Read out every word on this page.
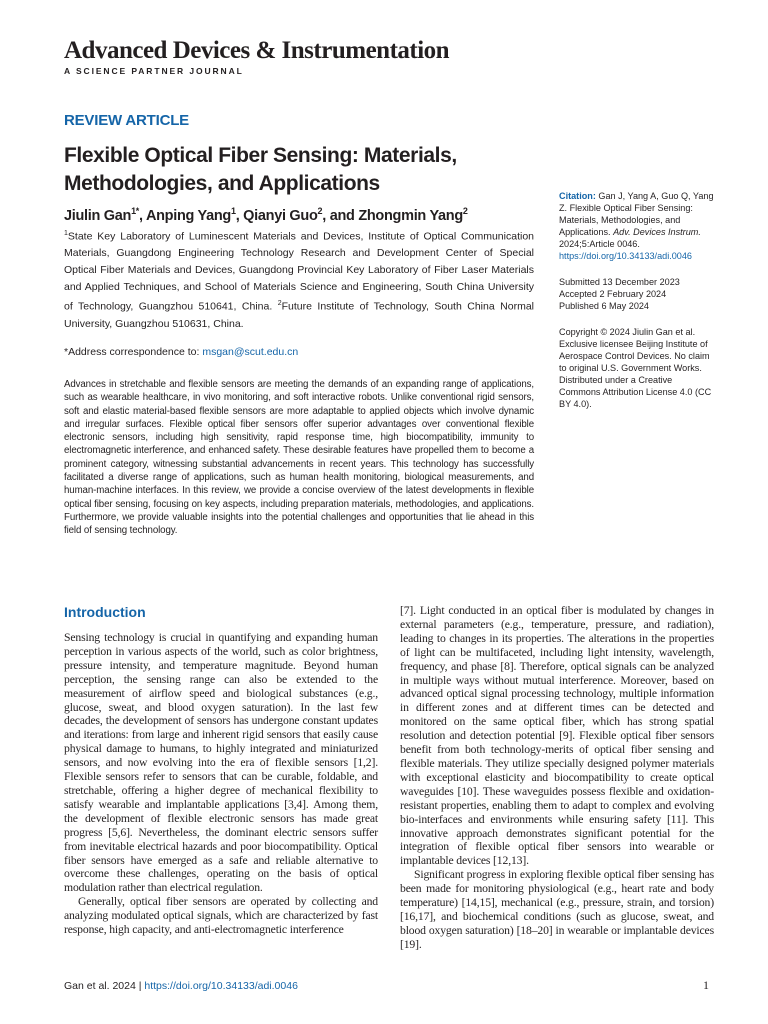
Advanced Devices & Instrumentation
A SCIENCE PARTNER JOURNAL
REVIEW ARTICLE
Flexible Optical Fiber Sensing: Materials, Methodologies, and Applications
Jiulin Gan$^{1*}$, Anping Yang$^1$, Qianyi Guo$^2$, and Zhongmin Yang$^2$

$^1$State Key Laboratory of Luminescent Materials and Devices, Institute of Optical Communication Materials, Guangdong Engineering Technology Research and Development Center of Special Optical Fiber Materials and Devices, Guangdong Provincial Key Laboratory of Fiber Laser Materials and Applied Techniques, and School of Materials Science and Engineering, South China University of Technology, Guangzhou 510641, China. $^2$Future Institute of Technology, South China Normal University, Guangzhou 510631, China.

*Address correspondence to: msgan@scut.edu.cn

Advances in stretchable and flexible sensors are meeting the demands of an expanding range of applications, such as wearable healthcare, in vivo monitoring, and soft interactive robots. Unlike conventional rigid sensors, soft and elastic material-based flexible sensors are more adaptable to applied objects which involve dynamic and irregular surfaces. Flexible optical fiber sensors offer superior advantages over conventional flexible electronic sensors, including high sensitivity, rapid response time, high biocompatibility, immunity to electromagnetic interference, and enhanced safety. These desirable features have propelled them to become a prominent category, witnessing substantial advancements in recent years. This technology has successfully facilitated a diverse range of applications, such as human health monitoring, biological measurements, and human-machine interfaces. In this review, we provide a concise overview of the latest developments in flexible optical fiber sensing, focusing on key aspects, including preparation materials, methodologies, and applications. Furthermore, we provide valuable insights into the potential challenges and opportunities that lie ahead in this field of sensing technology.

Citation: Gan J, Yang A, Guo Q, Yang Z. Flexible Optical Fiber Sensing: Materials, Methodologies, and Applications. Adv. Devices Instrum. 2024;5:Article 0046. https://doi.org/10.34133/adi.0046

Submitted 13 December 2023
Accepted 2 February 2024
Published 6 May 2024

Copyright © 2024 Jiulin Gan et al. Exclusive licensee Beijing Institute of Aerospace Control Devices. No claim to original U.S. Government Works. Distributed under a Creative Commons Attribution License 4.0 (CC BY 4.0).

Introduction

Sensing technology is crucial in quantifying and expanding human perception in various aspects of the world, such as color brightness, pressure intensity, and temperature magnitude. Beyond human perception, the sensing range can also be extended to the measurement of airflow speed and biological substances (e.g., glucose, sweat, and blood oxygen saturation). In the last few decades, the development of sensors has undergone constant updates and iterations: from large and inherent rigid sensors that easily cause physical damage to humans, to highly integrated and miniaturized sensors, and now evolving into the era of flexible sensors [1,2]. Flexible sensors refer to sensors that can be curable, foldable, and stretchable, offering a higher degree of mechanical flexibility to satisfy wearable and implantable applications [3,4]. Among them, the development of flexible electronic sensors has made great progress [5,6]. Nevertheless, the dominant electric sensors suffer from inevitable electrical hazards and poor biocompatibility. Optical fiber sensors have emerged as a safe and reliable alternative to overcome these challenges, operating on the basis of optical modulation rather than electrical regulation.

Generally, optical fiber sensors are operated by collecting and analyzing modulated optical signals, which are characterized by fast response, high capacity, and anti-electromagnetic interference

[7]. Light conducted in an optical fiber is modulated by changes in external parameters (e.g., temperature, pressure, and radiation), leading to changes in its properties. The alterations in the properties of light can be multifaceted, including light intensity, wavelength, frequency, and phase [8]. Therefore, optical signals can be analyzed in multiple ways without mutual interference. Moreover, based on advanced optical signal processing technology, multiple information in different zones and at different times can be detected and monitored on the same optical fiber, which has strong spatial resolution and detection potential [9]. Flexible optical fiber sensors benefit from both technology-merits of optical fiber sensing and flexible materials. They utilize specially designed polymer materials with exceptional elasticity and biocompatibility to create optical waveguides [10]. These waveguides possess flexible and oxidation-resistant properties, enabling them to adapt to complex and evolving bio-interfaces and environments while ensuring safety [11]. This innovative approach demonstrates significant potential for the integration of flexible optical fiber sensors into wearable or implantable devices [12,13].

Significant progress in exploring flexible optical fiber sensing has been made for monitoring physiological (e.g., heart rate and body temperature) [14,15], mechanical (e.g., pressure, strain, and torsion) [16,17], and biochemical conditions (such as glucose, sweat, and blood oxygen saturation) [18–20] in wearable or implantable devices [19].

Gan et al. 2024 | https://doi.org/10.34133/adi.0046	1
